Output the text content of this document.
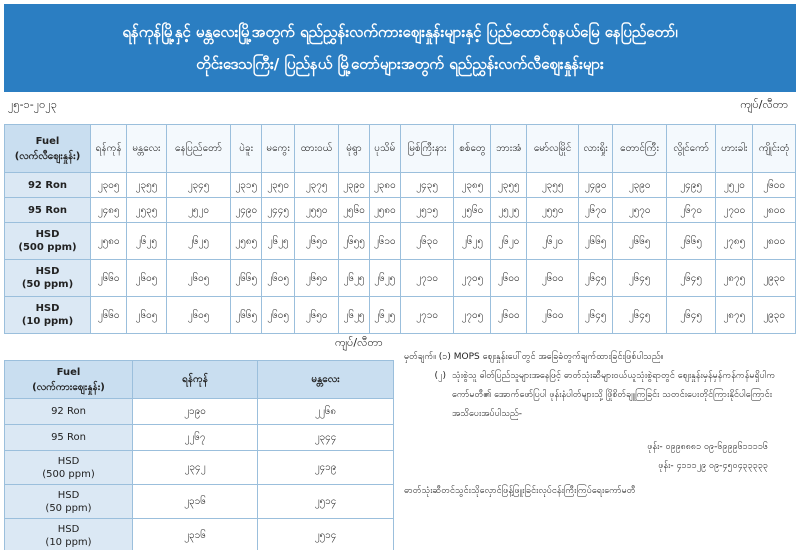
ရန်ကုန်မြို့နှင့် မန္တလေးမြို့အတွက် ရည်ညွှန်းလက်ကားဈေးနှုန်းများနှင့် ပြည်ထောင်စုနယ်မြေ နေပြည်တော်၊
တိုင်းဒေသကြီး/ ပြည်နယ် မြို့တော်များအတွက် ရည်ညွှန်းလက်လီဈေးနှုန်းများ
၂၅-၁-၂၀၂၃	ကျပ်/လီတာ
Fuel
(လက်လီဈေးနှုန်း)	ရန်ကုန်	မန္တလေး	နေပြည်တော်	ပဲခူး	မကွေး	ထားဝယ်	မုံရွာ	ပုသိမ်	မြစ်ကြီးနား	စစ်တွေ	ဘားအံ	မော်လမြိုင်	လားရှိုး	တောင်ကြီး	လွိုင်ကော်	ဟားခါး	ကျိုင်းတုံ

92 Ron	၂၃၀၅	၂၃၅၅	၂၃၄၅	၂၃၁၅	၂၃၅၀	၂၃၇၅	၂၃၉၀	၂၃၈၀	၂၄၃၅	၂၃၈၅	၂၃၅၅	၂၃၅၅	၂၄၉၀	၂၃၉၀	၂၄၉၅	၂၅၂၀	၂၆၀၀

95 Ron	၂၄၈၅	၂၅၃၅	၂၅၂၀	၂၄၉၀	၂၄၄၅	၂၅၅၀	၂၅၆၀	၂၅၈၀	၂၅၁၅	၂၅၆၀	၂၅၂၅	၂၅၅၀	၂၆၇၀	၂၅၇၀	၂၆၇၀	၂၇၀၀	၂၈၀၀

HSD
(500 ppm)	၂၅၈၀	၂၆၂၅	၂၆၂၅	၂၅၈၅	၂၆၂၅	၂၆၅၀	၂၆၅၅	၂၆၁၀	၂၆၃၀	၂၆၂၅	၂၆၂၀	၂၆၂၀	၂၆၆၅	၂၆၆၅	၂၆၆၅	၂၇၈၅	၂၈၀၀

HSD
(50 ppm)	၂၆၆၀	၂၆၀၅	၂၆၀၅	၂၆၆၅	၂၆၀၅	၂၆၅၀	၂၆၂၅	၂၆၂၅	၂၇၁၀	၂၇၀၅	၂၆၀၀	၂၆၀၀	၂၆၄၅	၂၆၄၅	၂၆၄၅	၂၈၇၅	၂၉၃၀

HSD
(10 ppm)	၂၆၆၀	၂၆၀၅	၂၆၀၅	၂၆၆၅	၂၆၀၅	၂၆၅၀	၂၆၂၅	၂၆၂၅	၂၇၁၀	၂၇၀၅	၂၆၀၀	၂၆၀၀	၂၆၄၅	၂၆၄၅	၂၆၄၅	၂၈၇၅	၂၉၃၀
ကျပ်/လီတာ
Fuel
(လက်ကားဈေးနှုန်း)	ရန်ကုန်	မန္တလေး

92 Ron	၂၁၉၀	၂၂၆၈

95 Ron	၂၂၆၇	၂၃၄၄

HSD
(500 ppm)	၂၃၄၂	၂၄၁၉

HSD
(50 ppm)	၂၃၁၆	၂၅၁၄

HSD
(10 ppm)	၂၃၁၆	၂၅၁၄
မှတ်ချက်။ (၁) MOPS ဈေးနှုန်းပေါ်တွင် အခြေခံတွက်ချက်ထားခြင်းဖြစ်ပါသည်။
(၂) သုံးစွဲသူ ဓါတ်ပြည်သူများအနေဖြင့် ဓာတ်သုံးဆီများဝယ်ယူသုံးစွဲရာတွင် ဈေးနှုန်းမှန်မှန်ကန်ကန်မရှိပါက ကော်မတီ၏ အောက်ဖော်ပြပါ ဖုန်းနံပါတ်များသို့ ဖြိုစိတ်ချူကြခြင်း သတင်းပေးတိုင်ကြားနိုင်ပါကြောင်း အသိပေးအပ်ပါသည်-
ဖုန်း- ၀၉၉၈၈၈၁ ၀၉-၆၉၉၉၆၁၁၁၁၆
ဖုန်း- ၄၁၁၁၂၉ ၀၉-၄၅၀၄၃၃၃၃၃
ဓာတ်သုံးဆီတင်သွင်းသိုလှောင်ဖြန့်ဖြူးခြင်းလုပ်ငန်းကြီးကြပ်ရေးကော်မတီ
